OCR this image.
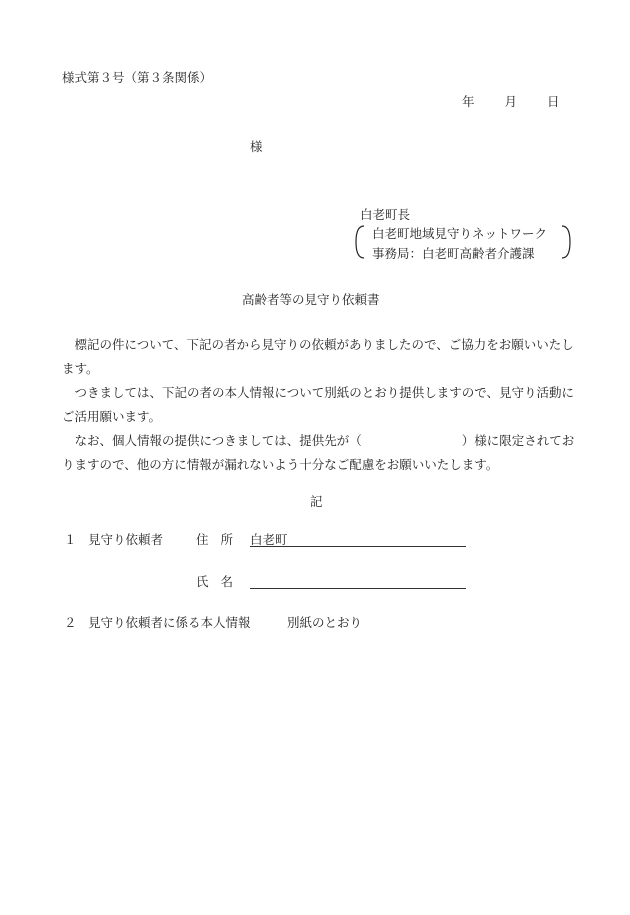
様式第３号（第３条関係）
年 月 日
様
白老町長
白老町地域見守りネットワーク
事務局：白老町高齢者介護課
高齢者等の見守り依頼書
　標記の件について、下記の者から見守りの依頼がありましたので、ご協力をお願いいたします。
　つきましては、下記の者の本人情報について別紙のとおり提供しますので、見守り活動にご活用願います。
　なお、個人情報の提供につきましては、提供先が（	）様に限定されておりますので、他の方に情報が漏れないよう十分なご配慮をお願いいたします。
記
１ 見守り依頼者	住所 白老町
氏名
２ 見守り依頼者に係る本人情報	別紙のとおり
